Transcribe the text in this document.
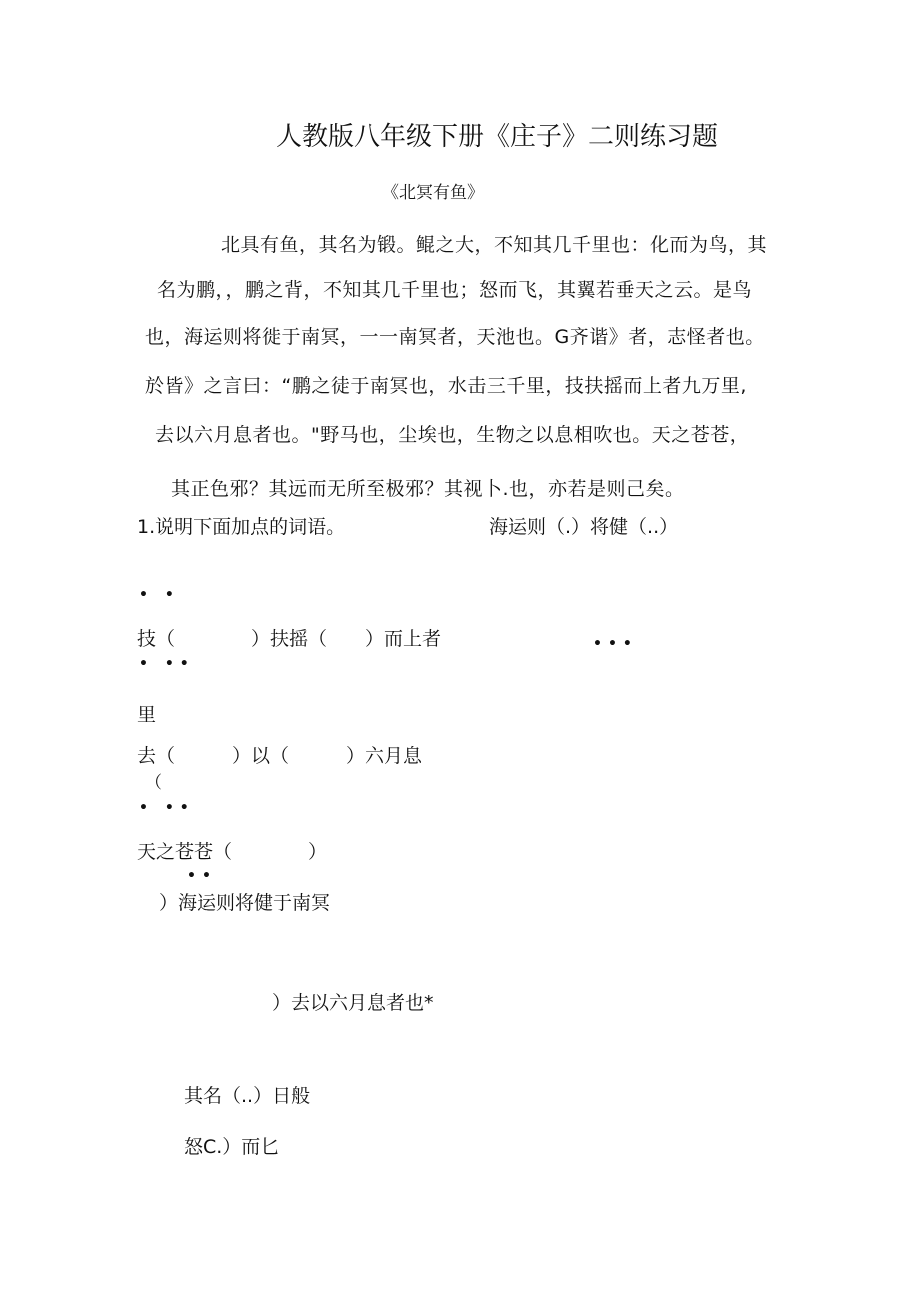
人教版八年级下册《庄子》二则练习题
《北冥有鱼》
北具有鱼，其名为锻。鲲之大，不知其几千里也：化而为鸟，其
名为鹏，，鹏之背，不知其几千里也；怒而飞，其翼若垂天之云。是鸟
也，海运则将徙于南冥，一一南冥者，天池也。G齐谐》者，志怪者也。
於皆》之言曰：“鹏之徒于南冥也，水击三千里，技扶摇而上者九万里,
去以六月息者也。"野马也，尘埃也，生物之以息相吹也。天之苍苍，
其正色邪？其远而无所至极邪？其视卜.也，亦若是则己矣。
1.说明下面加点的词语。	海运则（.）将健（..）
• •
技（　　　　）扶摇（　　）而上者	•••
• ••
里
去（　　　）以（　　　）六月息
（
• ••
天之苍苍（　　　　）
••
）海运则将健于南冥
）去以六月息者也*
其名（..）日般
怒C.）而匕
